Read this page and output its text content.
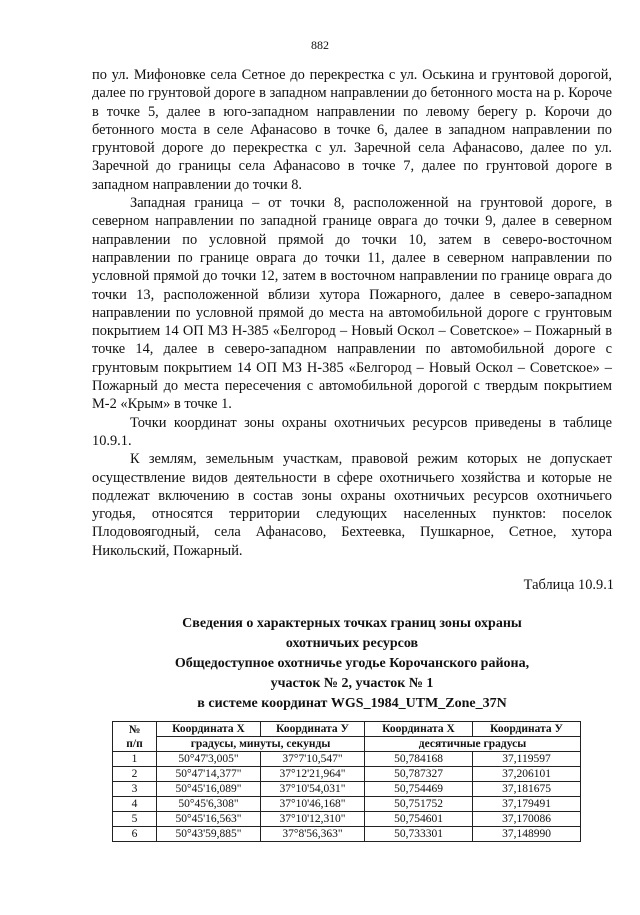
882

по ул. Мифоновке села Сетное до перекрестка с ул. Оськина и грунтовой дорогой, далее по грунтовой дороге в западном направлении до бетонного моста на р. Короче в точке 5, далее в юго-западном направлении по левому берегу р. Корочи до бетонного моста в селе Афанасово в точке 6, далее в западном направлении по грунтовой дороге до перекрестка с ул. Заречной села Афанасово, далее по ул. Заречной до границы села Афанасово в точке 7, далее по грунтовой дороге в западном направлении до точки 8.

Западная граница – от точки 8, расположенной на грунтовой дороге, в северном направлении по западной границе оврага до точки 9, далее в северном направлении по условной прямой до точки 10, затем в северо-восточном направлении по границе оврага до точки 11, далее в северном направлении по условной прямой до точки 12, затем в восточном направлении по границе оврага до точки 13, расположенной вблизи хутора Пожарного, далее в северо-западном направлении по условной прямой до места на автомобильной дороге с грунтовым покрытием 14 ОП МЗ Н-385 «Белгород – Новый Оскол – Советское» – Пожарный в точке 14, далее в северо-западном направлении по автомобильной дороге с грунтовым покрытием 14 ОП МЗ Н-385 «Белгород – Новый Оскол – Советское» – Пожарный до места пересечения с автомобильной дорогой с твердым покрытием М-2 «Крым» в точке 1.

Точки координат зоны охраны охотничьих ресурсов приведены в таблице 10.9.1.

К землям, земельным участкам, правовой режим которых не допускает осуществление видов деятельности в сфере охотничьего хозяйства и которые не подлежат включению в состав зоны охраны охотничьих ресурсов охотничьего угодья, относятся территории следующих населенных пунктов: поселок Плодовоягодный, села Афанасово, Бехтеевка, Пушкарное, Сетное, хутора Никольский, Пожарный.

Таблица 10.9.1
Сведения о характерных точках границ зоны охраны
охотничьих ресурсов
Общедоступное охотничье угодье Корочанского района,
участок № 2, участок № 1
в системе координат WGS_1984_UTM_Zone_37N
№
п/п	Координата X	Координата У	Координата X	Координата У
	градусы, минуты, секунды		десятичные градусы	
1	50°47'3,005"	37°7'10,547"	50,784168	37,119597
2	50°47'14,377"	37°12'21,964"	50,787327	37,206101
3	50°45'16,089"	37°10'54,031"	50,754469	37,181675
4	50°45'6,308"	37°10'46,168"	50,751752	37,179491
5	50°45'16,563"	37°10'12,310"	50,754601	37,170086
6	50°43'59,885"	37°8'56,363"	50,733301	37,148990
